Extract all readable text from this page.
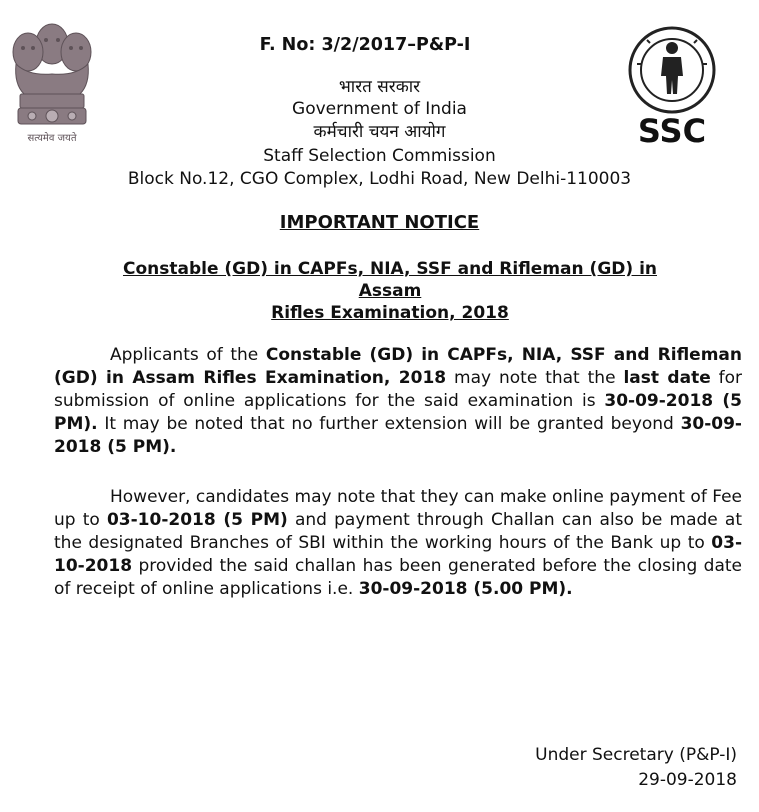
सत्यमेव जयते	SSC
F. No: 3/2/2017–P&P-I
भारत सरकार
Government of India
कर्मचारी चयन आयोग
Staff Selection Commission
Block No.12, CGO Complex, Lodhi Road, New Delhi-110003
IMPORTANT NOTICE
Constable (GD) in CAPFs, NIA, SSF and Rifleman (GD) in Assam
Rifles Examination, 2018

Applicants of the Constable (GD) in CAPFs, NIA, SSF and Rifleman (GD) in Assam Rifles Examination, 2018 may note that the last date for submission of online applications for the said examination is 30-09-2018 (5 PM). It may be noted that no further extension will be granted beyond 30-09-2018 (5 PM).

However, candidates may note that they can make online payment of Fee up to 03-10-2018 (5 PM) and payment through Challan can also be made at the designated Branches of SBI within the working hours of the Bank up to 03-10-2018 provided the said challan has been generated before the closing date of receipt of online applications i.e. 30-09-2018 (5.00 PM).

Under Secretary (P&P-I)
29-09-2018
